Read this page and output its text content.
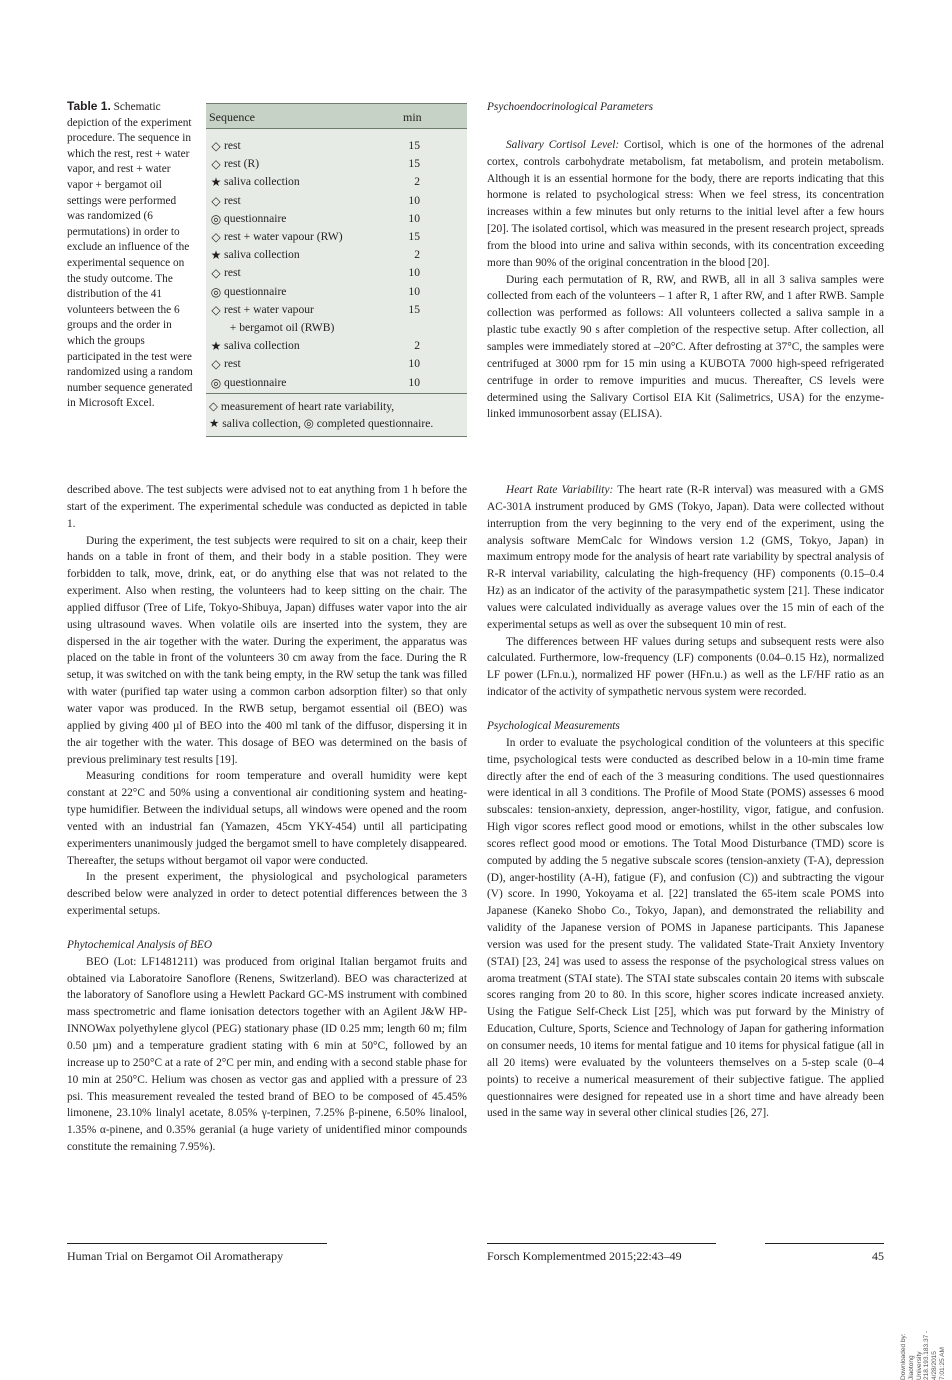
Table 1. Schematic depiction of the experiment procedure. The sequence in which the rest, rest + water vapor, and rest + water vapor + bergamot oil settings were performed was randomized (6 permutations) in order to exclude an influence of the experimental sequence on the study outcome. The distribution of the 41 volunteers between the 6 groups and the order in which the groups participated in the test were randomized using a random number sequence generated in Microsoft Excel.

Sequence	min
◇ rest	15
◇ rest (R)	15
★ saliva collection	2
◇ rest	10
◎ questionnaire	10
◇ rest + water vapour (RW)	15
★ saliva collection	2
◇ rest	10
◎ questionnaire	10
◇ rest + water vapour	15
+ bergamot oil (RWB)
★ saliva collection	2
◇ rest	10
◎ questionnaire	10
◇ measurement of heart rate variability,
★ saliva collection, ◎ completed questionnaire.
Psychoendocrinological Parameters

Salivary Cortisol Level: Cortisol, which is one of the hormones of the adrenal cortex, controls carbohydrate metabolism, fat metabolism, and protein metabolism. Although it is an essential hormone for the body, there are reports indicating that this hormone is related to psychological stress: When we feel stress, its concentration increases within a few minutes but only returns to the initial level after a few hours [20]. The isolated cortisol, which was measured in the present research project, spreads from the blood into urine and saliva within seconds, with its concentration exceeding more than 90% of the original concentration in the blood [20].

During each permutation of R, RW, and RWB, all in all 3 saliva samples were collected from each of the volunteers – 1 after R, 1 after RW, and 1 after RWB. Sample collection was performed as follows: All volunteers collected a saliva sample in a plastic tube exactly 90 s after completion of the respective setup. After collection, all samples were immediately stored at –20°C. After defrosting at 37°C, the samples were centrifuged at 3000 rpm for 15 min using a KUBOTA 7000 high-speed refrigerated centrifuge in order to remove impurities and mucus. Thereafter, CS levels were determined using the Salivary Cortisol EIA Kit (Salimetrics, USA) for the enzyme-linked immunosorbent assay (ELISA).

described above. The test subjects were advised not to eat anything from 1 h before the start of the experiment. The experimental schedule was conducted as depicted in table 1.

During the experiment, the test subjects were required to sit on a chair, keep their hands on a table in front of them, and their body in a stable position. They were forbidden to talk, move, drink, eat, or do anything else that was not related to the experiment. Also when resting, the volunteers had to keep sitting on the chair. The applied diffusor (Tree of Life, Tokyo-Shibuya, Japan) diffuses water vapor into the air using ultrasound waves. When volatile oils are inserted into the system, they are dispersed in the air together with the water. During the experiment, the apparatus was placed on the table in front of the volunteers 30 cm away from the face. During the R setup, it was switched on with the tank being empty, in the RW setup the tank was filled with water (purified tap water using a common carbon adsorption filter) so that only water vapor was produced. In the RWB setup, bergamot essential oil (BEO) was applied by giving 400 µl of BEO into the 400 ml tank of the diffusor, dispersing it in the air together with the water. This dosage of BEO was determined on the basis of previous preliminary test results [19].

Measuring conditions for room temperature and overall humidity were kept constant at 22°C and 50% using a conventional air conditioning system and heating-type humidifier. Between the individual setups, all windows were opened and the room vented with an industrial fan (Yamazen, 45cm YKY-454) until all participating experimenters unanimously judged the bergamot smell to have completely disappeared. Thereafter, the setups without bergamot oil vapor were conducted.

In the present experiment, the physiological and psychological parameters described below were analyzed in order to detect potential differences between the 3 experimental setups.

Phytochemical Analysis of BEO

BEO (Lot: LF1481211) was produced from original Italian bergamot fruits and obtained via Laboratoire Sanoflore (Renens, Switzerland). BEO was characterized at the laboratory of Sanoflore using a Hewlett Packard GC-MS instrument with combined mass spectrometric and flame ionisation detectors together with an Agilent J&W HP-INNOWax polyethylene glycol (PEG) stationary phase (ID 0.25 mm; length 60 m; film 0.50 µm) and a temperature gradient stating with 6 min at 50°C, followed by an increase up to 250°C at a rate of 2°C per min, and ending with a second stable phase for 10 min at 250°C. Helium was chosen as vector gas and applied with a pressure of 23 psi. This measurement revealed the tested brand of BEO to be composed of 45.45% limonene, 23.10% linalyl acetate, 8.05% γ-terpinen, 7.25% β-pinene, 6.50% linalool, 1.35% α-pinene, and 0.35% geranial (a huge variety of unidentified minor compounds constitute the remaining 7.95%).

Heart Rate Variability: The heart rate (R-R interval) was measured with a GMS AC-301A instrument produced by GMS (Tokyo, Japan). Data were collected without interruption from the very beginning to the very end of the experiment, using the analysis software MemCalc for Windows version 1.2 (GMS, Tokyo, Japan) in maximum entropy mode for the analysis of heart rate variability by spectral analysis of R-R interval variability, calculating the high-frequency (HF) components (0.15–0.4 Hz) as an indicator of the activity of the parasympathetic system [21]. These indicator values were calculated individually as average values over the 15 min of each of the experimental setups as well as over the subsequent 10 min of rest.

The differences between HF values during setups and subsequent rests were also calculated. Furthermore, low-frequency (LF) components (0.04–0.15 Hz), normalized LF power (LFn.u.), normalized HF power (HFn.u.) as well as the LF/HF ratio as an indicator of the activity of sympathetic nervous system were recorded.

Psychological Measurements

In order to evaluate the psychological condition of the volunteers at this specific time, psychological tests were conducted as described below in a 10-min time frame directly after the end of each of the 3 measuring conditions. The used questionnaires were identical in all 3 conditions. The Profile of Mood State (POMS) assesses 6 mood subscales: tension-anxiety, depression, anger-hostility, vigor, fatigue, and confusion. High vigor scores reflect good mood or emotions, whilst in the other subscales low scores reflect good mood or emotions. The Total Mood Disturbance (TMD) score is computed by adding the 5 negative subscale scores (tension-anxiety (T-A), depression (D), anger-hostility (A-H), fatigue (F), and confusion (C)) and subtracting the vigour (V) score. In 1990, Yokoyama et al. [22] translated the 65-item scale POMS into Japanese (Kaneko Shobo Co., Tokyo, Japan), and demonstrated the reliability and validity of the Japanese version of POMS in Japanese participants. This Japanese version was used for the present study. The validated State-Trait Anxiety Inventory (STAI) [23, 24] was used to assess the response of the psychological stress values on aroma treatment (STAI state). The STAI state subscales contain 20 items with subscale scores ranging from 20 to 80. In this score, higher scores indicate increased anxiety. Using the Fatigue Self-Check List [25], which was put forward by the Ministry of Education, Culture, Sports, Science and Technology of Japan for gathering information on consumer needs, 10 items for mental fatigue and 10 items for physical fatigue (all in all 20 items) were evaluated by the volunteers themselves on a 5-step scale (0–4 points) to receive a numerical measurement of their subjective fatigue. The applied questionnaires were designed for repeated use in a short time and have already been used in the same way in several other clinical studies [26, 27].

Human Trial on Bergamot Oil Aromatherapy	Forsch Komplementmed 2015;22:43–49	45
Downloaded by: Jiaotong University 218.193.183.37 - 4/28/2015 7:01:25 AM
